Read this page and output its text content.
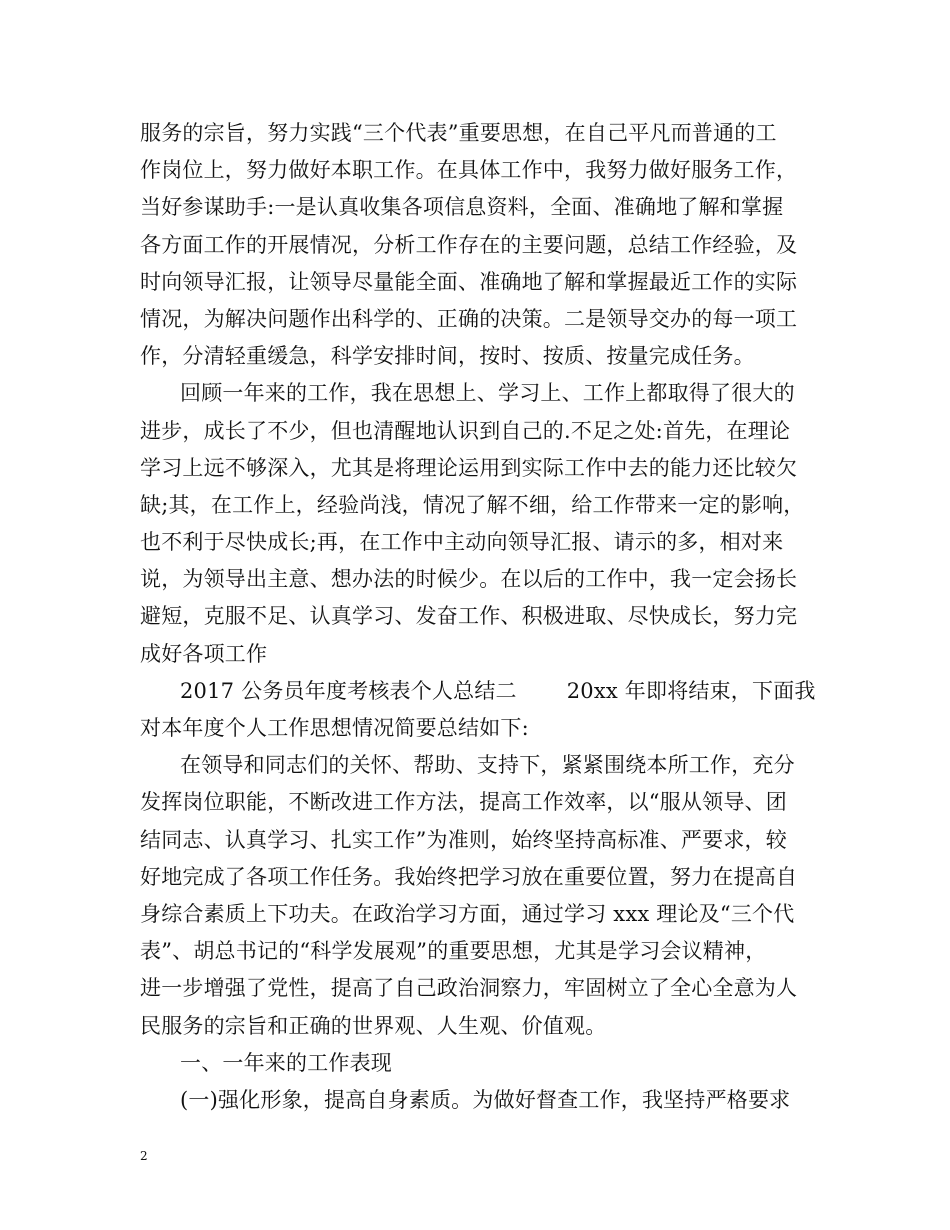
服务的宗旨，努力实践“三个代表”重要思想，在自己平凡而普通的工
作岗位上，努力做好本职工作。在具体工作中，我努力做好服务工作，
当好参谋助手:一是认真收集各项信息资料，全面、准确地了解和掌握
各方面工作的开展情况，分析工作存在的主要问题，总结工作经验，及
时向领导汇报，让领导尽量能全面、准确地了解和掌握最近工作的实际
情况，为解决问题作出科学的、正确的决策。二是领导交办的每一项工
作，分清轻重缓急，科学安排时间，按时、按质、按量完成任务。
回顾一年来的工作，我在思想上、学习上、工作上都取得了很大的
进步，成长了不少，但也清醒地认识到自己的.不足之处:首先，在理论
学习上远不够深入，尤其是将理论运用到实际工作中去的能力还比较欠
缺;其，在工作上，经验尚浅，情况了解不细，给工作带来一定的影响，
也不利于尽快成长;再，在工作中主动向领导汇报、请示的多，相对来
说，为领导出主意、想办法的时候少。在以后的工作中，我一定会扬长
避短，克服不足、认真学习、发奋工作、积极进取、尽快成长，努力完
成好各项工作
2017 公务员年度考核表个人总结二 20xx 年即将结束，下面我
对本年度个人工作思想情况简要总结如下:
在领导和同志们的关怀、帮助、支持下，紧紧围绕本所工作，充分
发挥岗位职能，不断改进工作方法，提高工作效率，以“服从领导、团
结同志、认真学习、扎实工作”为准则，始终坚持高标准、严要求，较
好地完成了各项工作任务。我始终把学习放在重要位置，努力在提高自
身综合素质上下功夫。在政治学习方面，通过学习 xxx 理论及“三个代
表”、胡总书记的“科学发展观”的重要思想，尤其是学习会议精神，
进一步增强了党性，提高了自己政治洞察力，牢固树立了全心全意为人
民服务的宗旨和正确的世界观、人生观、价值观。
一、一年来的工作表现
(一)强化形象，提高自身素质。为做好督查工作，我坚持严格要求
2
